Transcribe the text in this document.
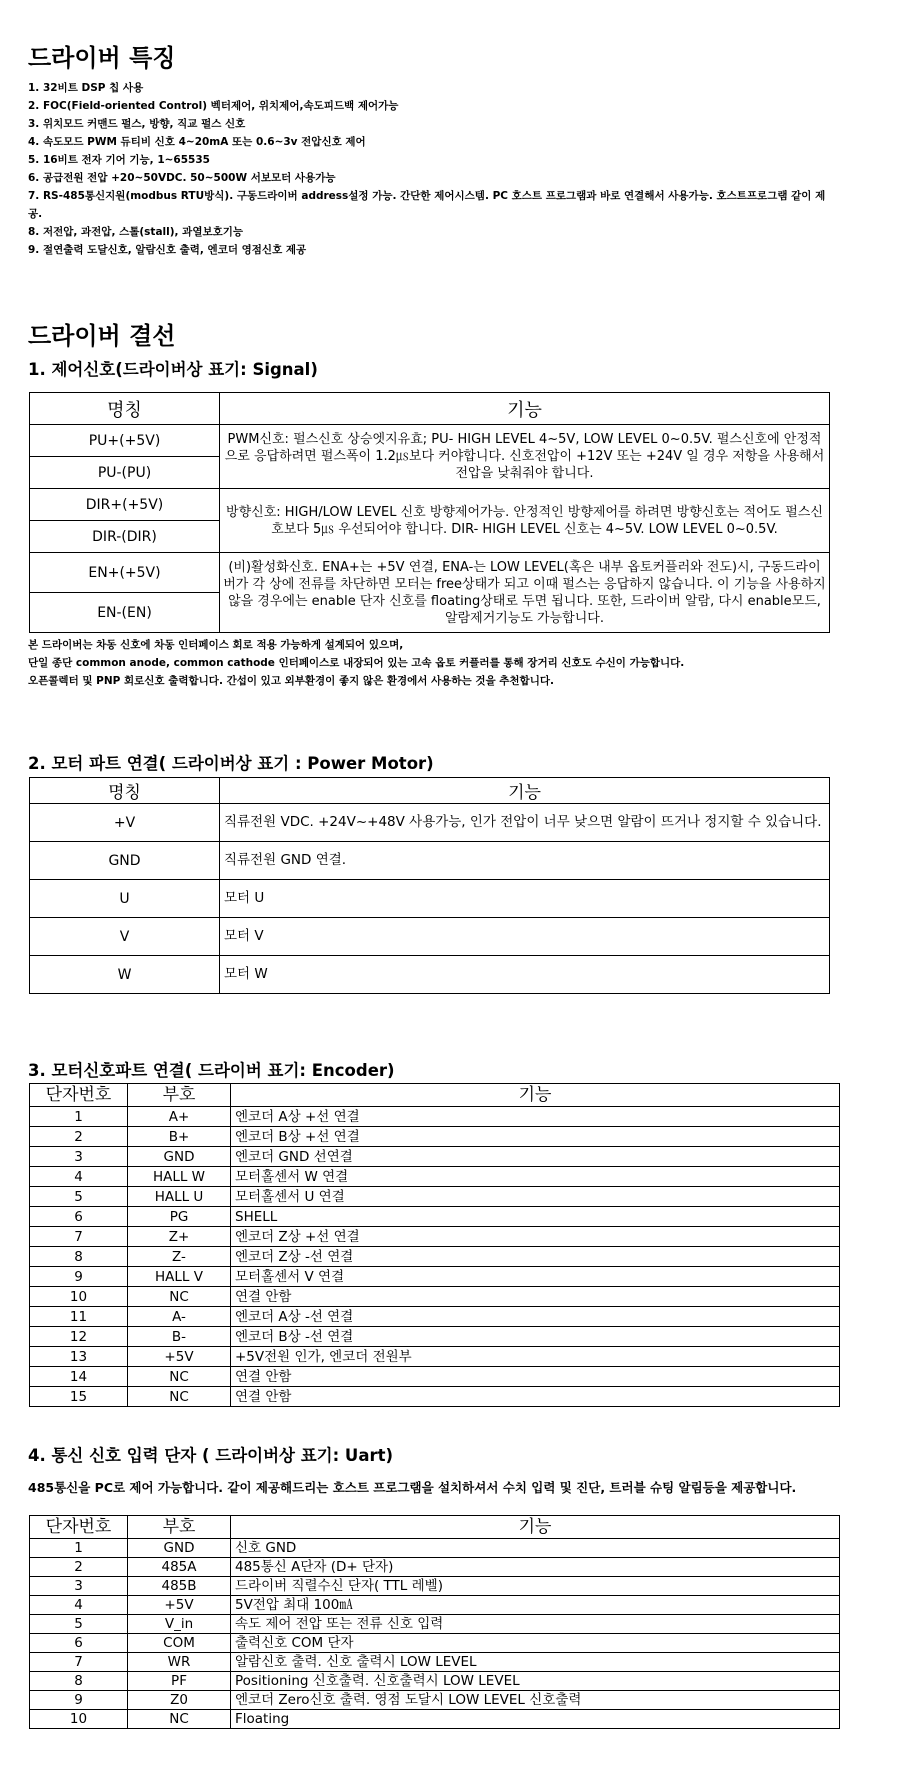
드라이버 특징
1. 32비트 DSP 칩 사용
2. FOC(Field-oriented Control) 벡터제어, 위치제어,속도피드백 제어가능
3. 위치모드 커맨드 펄스, 방향, 직교 펄스 신호
4. 속도모드 PWM 듀티비 신호 4~20mA 또는 0.6~3v 전압신호 제어
5. 16비트 전자 기어 기능, 1~65535
6. 공급전원 전압 +20~50VDC. 50~500W 서보모터 사용가능
7. RS-485통신지원(modbus RTU방식). 구동드라이버 address설정 가능. 간단한 제어시스템. PC 호스트 프로그램과 바로 연결해서 사용가능. 호스트프로그램 같이 제공.
8. 저전압, 과전압, 스톨(stall), 과열보호기능
9. 절연출력 도달신호, 알람신호 출력, 엔코더 영점신호 제공
드라이버 결선
1. 제어신호(드라이버상 표기: Signal)
명칭	기능
PU+(+5V)	PWM신호: 펄스신호 상승엣지유효; PU- HIGH LEVEL 4~5V, LOW LEVEL 0~0.5V. 펄스신호에 안정적으로 응답하려면 펄스폭이 1.2㎲보다 커야합니다. 신호전압이 +12V 또는 +24V 일 경우 저항을 사용해서 전압을 낮춰줘야 합니다.
PU-(PU)	
DIR+(+5V)	방향신호: HIGH/LOW LEVEL 신호 방향제어가능. 안정적인 방향제어를 하려면 방향신호는 적어도 펄스신호보다 5㎲ 우선되어야 합니다. DIR- HIGH LEVEL 신호는 4~5V. LOW LEVEL 0~0.5V.
DIR-(DIR)	
EN+(+5V)	(비)활성화신호. ENA+는 +5V 연결, ENA-는 LOW LEVEL(혹은 내부 옵토커플러와 전도)시, 구동드라이버가 각 상에 전류를 차단하면 모터는 free상태가 되고 이때 펄스는 응답하지 않습니다. 이 기능을 사용하지 않을 경우에는 enable 단자 신호를 floating상태로 두면 됩니다. 또한, 드라이버 알람, 다시 enable모드, 알람제거기능도 가능합니다.
EN-(EN)	

본 드라이버는 차동 신호에 차동 인터페이스 회로 적용 가능하게 설계되어 있으며,

단일 종단 common anode, common cathode 인터페이스로 내장되어 있는 고속 옵토 커플러를 통해 장거리 신호도 수신이 가능합니다.

오픈콜렉터 및 PNP 회로신호 출력합니다. 간섭이 있고 외부환경이 좋지 않은 환경에서 사용하는 것을 추천합니다.

2. 모터 파트 연결( 드라이버상 표기 : Power Motor)
명칭	기능
+V	직류전원 VDC. +24V~+48V 사용가능, 인가 전압이 너무 낮으면 알람이 뜨거나 정지할 수 있습니다.
GND	직류전원 GND 연결.
U	모터 U
V	모터 V
W	모터 W
3. 모터신호파트 연결( 드라이버 표기: Encoder)
단자번호	부호	기능
1	A+	엔코더 A상 +선 연결
2	B+	엔코더 B상 +선 연결
3	GND	엔코더 GND 선연결
4	HALL W	모터홀센서 W 연결
5	HALL U	모터홀센서 U 연결
6	PG	SHELL
7	Z+	엔코더 Z상 +선 연결
8	Z-	엔코더 Z상 -선 연결
9	HALL V	모터홀센서 V 연결
10	NC	연결 안함
11	A-	엔코더 A상 -선 연결
12	B-	엔코더 B상 -선 연결
13	+5V	+5V전원 인가, 엔코더 전원부
14	NC	연결 안함
15	NC	연결 안함
4. 통신 신호 입력 단자 ( 드라이버상 표기: Uart)

485통신을 PC로 제어 가능합니다. 같이 제공해드리는 호스트 프로그램을 설치하셔서 수치 입력 및 진단, 트러블 슈팅 알림등을 제공합니다.

단자번호	부호	기능
1	GND	신호 GND
2	485A	485통신 A단자 (D+ 단자)
3	485B	드라이버 직렬수신 단자( TTL 레벨)
4	+5V	5V전압 최대 100㎃
5	V_in	속도 제어 전압 또는 전류 신호 입력
6	COM	출력신호 COM 단자
7	WR	알람신호 출력. 신호 출력시 LOW LEVEL
8	PF	Positioning 신호출력. 신호출력시 LOW LEVEL
9	Z0	엔코더 Zero신호 출력. 영점 도달시 LOW LEVEL 신호출력
10	NC	Floating
